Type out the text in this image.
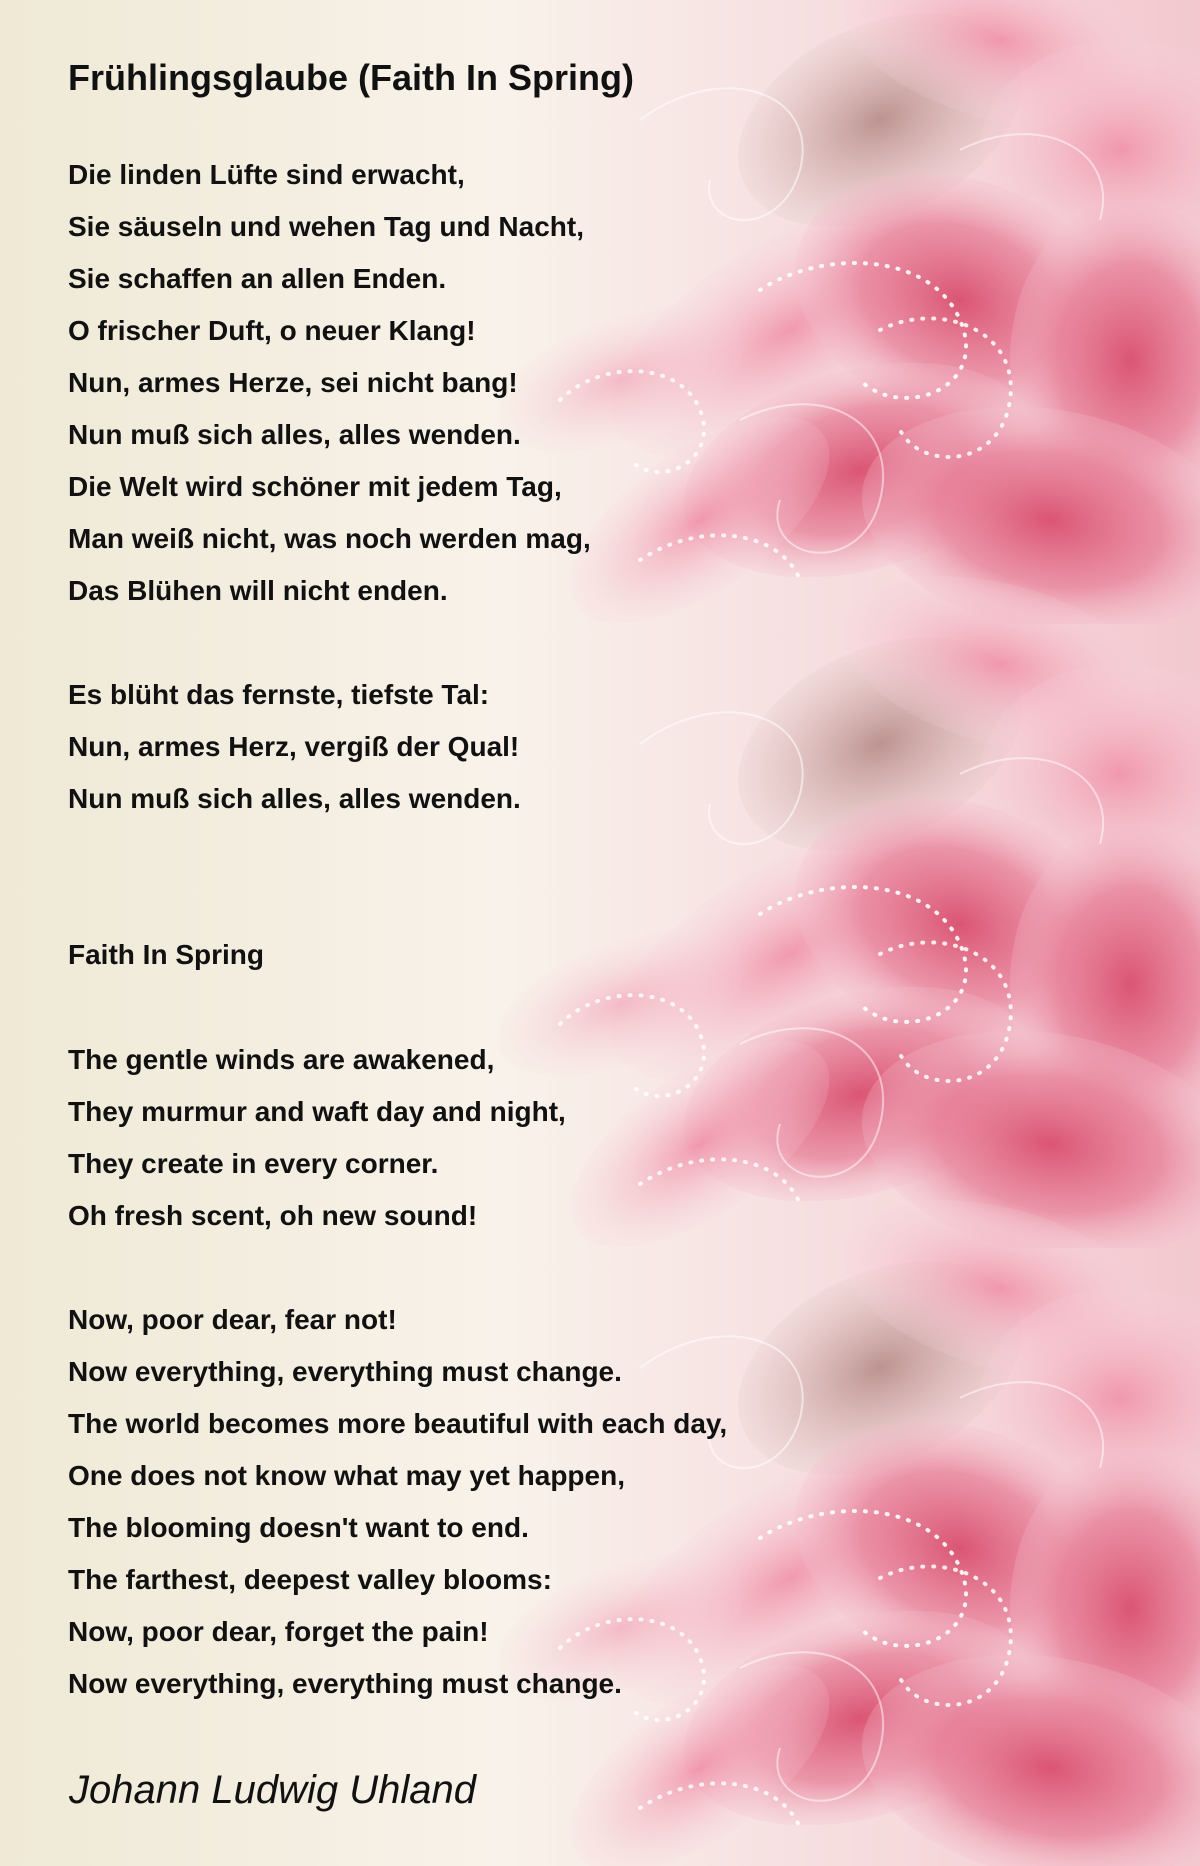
Frühlingsglaube (Faith In Spring)
Die linden Lüfte sind erwacht,
Sie säuseln und wehen Tag und Nacht,
Sie schaffen an allen Enden.
O frischer Duft, o neuer Klang!
Nun, armes Herze, sei nicht bang!
Nun muß sich alles, alles wenden.
Die Welt wird schöner mit jedem Tag,
Man weiß nicht, was noch werden mag,
Das Blühen will nicht enden.
Es blüht das fernste, tiefste Tal:
Nun, armes Herz, vergiß der Qual!
Nun muß sich alles, alles wenden.
Faith In Spring
The gentle winds are awakened,
They murmur and waft day and night,
They create in every corner.
Oh fresh scent, oh new sound!
Now, poor dear, fear not!
Now everything, everything must change.
The world becomes more beautiful with each day,
One does not know what may yet happen,
The blooming doesn't want to end.
The farthest, deepest valley blooms:
Now, poor dear, forget the pain!
Now everything, everything must change.

Johann Ludwig Uhland
